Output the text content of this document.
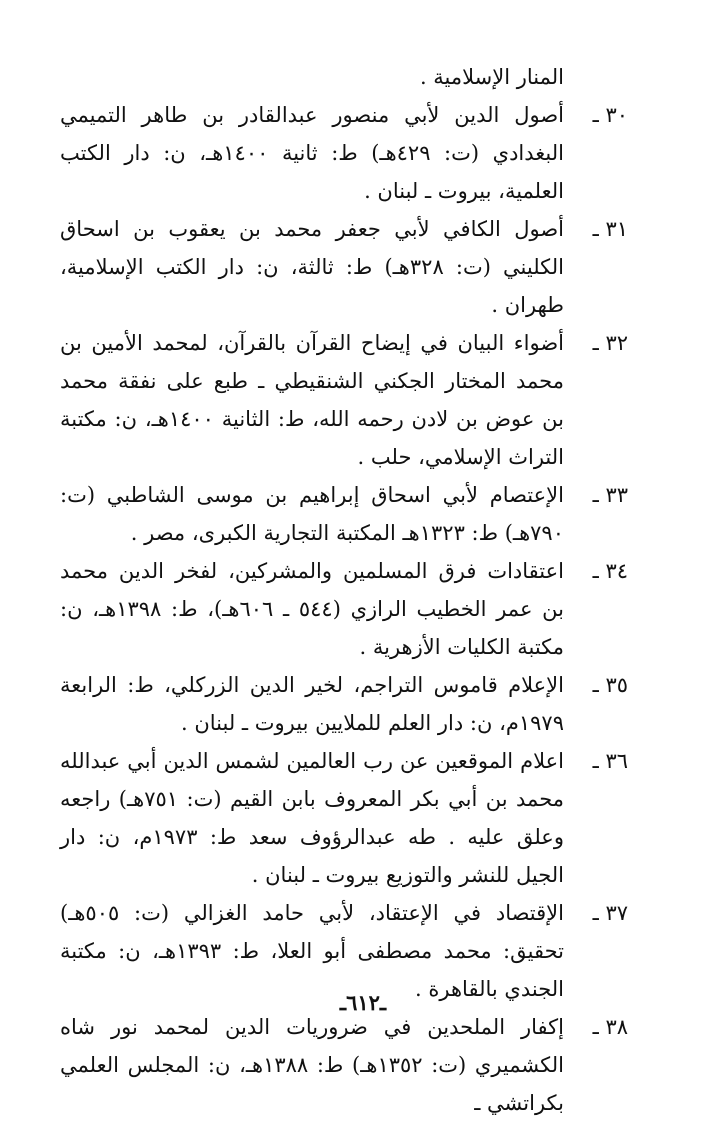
المنار الإسلامية .
٣٠ ـ
أصول الدين لأبي منصور عبدالقادر بن طاهر التميمي البغدادي (ت: ٤٢٩هـ) ط: ثانية ١٤٠٠هـ، ن: دار الكتب العلمية، بيروت ـ لبنان .
٣١ ـ
أصول الكافي لأبي جعفر محمد بن يعقوب بن اسحاق الكليني (ت: ٣٢٨هـ) ط: ثالثة، ن: دار الكتب الإسلامية، طهران .
٣٢ ـ
أضواء البيان في إيضاح القرآن بالقرآن، لمحمد الأمين بن محمد المختار الجكني الشنقيطي ـ طبع على نفقة محمد بن عوض بن لادن رحمه الله، ط: الثانية ١٤٠٠هـ، ن: مكتبة التراث الإسلامي، حلب .
٣٣ ـ
الإعتصام لأبي اسحاق إبراهيم بن موسى الشاطبي (ت: ٧٩٠هـ) ط: ١٣٢٣هـ المكتبة التجارية الكبرى، مصر .
٣٤ ـ
اعتقادات فرق المسلمين والمشركين، لفخر الدين محمد بن عمر الخطيب الرازي (٥٤٤ ـ ٦٠٦هـ)، ط: ١٣٩٨هـ، ن: مكتبة الكليات الأزهرية .
٣٥ ـ
الإعلام قاموس التراجم، لخير الدين الزركلي، ط: الرابعة ١٩٧٩م، ن: دار العلم للملايين بيروت ـ لبنان .
٣٦ ـ
اعلام الموقعين عن رب العالمين لشمس الدين أبي عبدالله محمد بن أبي بكر المعروف بابن القيم (ت: ٧٥١هـ) راجعه وعلق عليه . طه عبدالرؤوف سعد ط: ١٩٧٣م، ن: دار الجيل للنشر والتوزيع بيروت ـ لبنان .
٣٧ ـ
الإقتصاد في الإعتقاد، لأبي حامد الغزالي (ت: ٥٠٥هـ) تحقيق: محمد مصطفى أبو العلا، ط: ١٣٩٣هـ، ن: مكتبة الجندي بالقاهرة .
٣٨ ـ
إكفار الملحدين في ضروريات الدين لمحمد نور شاه الكشميري (ت: ١٣٥٢هـ) ط: ١٣٨٨هـ، ن: المجلس العلمي بكراتشي ـ
ـ٦١٢ـ
